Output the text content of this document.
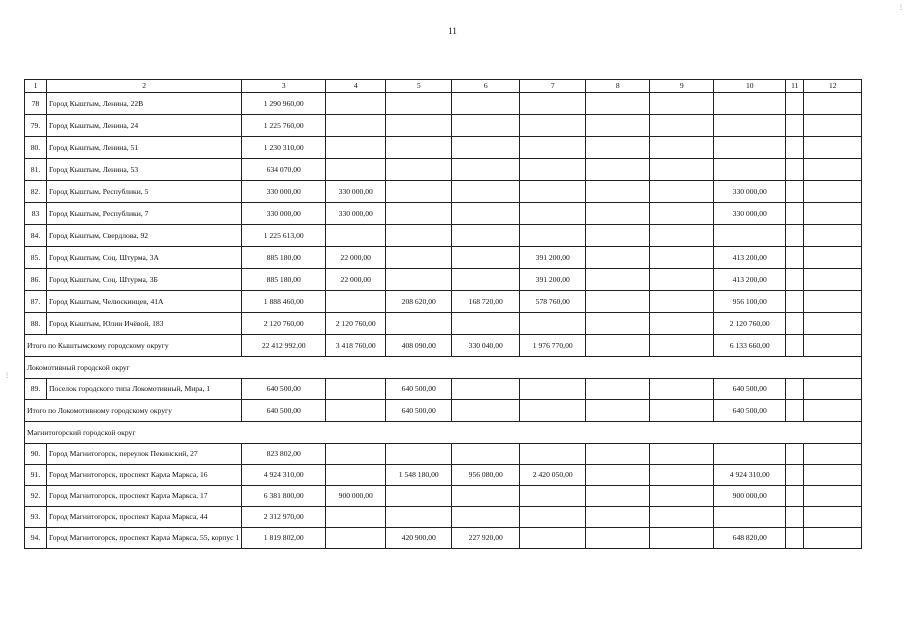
11
1	2	3	4	5	6	7	8	9	10	11	12
78	Город Кыштым, Ленина, 22В	1 290 960,00									
79.	Город Кыштым, Ленина, 24	1 225 760,00									
80.	Город Кыштым, Ленина, 51	1 230 310,00									
81.	Город Кыштым, Ленина, 53	634 070,00									
82.	Город Кыштым, Республики, 5	330 000,00	330 000,00						330 000,00		
83	Город Кыштым, Республики, 7	330 000,00	330 000,00						330 000,00		
84.	Город Кыштым, Свердлова, 92	1 225 613,00									
85.	Город Кыштым, Соц. Штурма, 3А	885 180,00	22 000,00			391 200,00			413 200,00		
86.	Город Кыштым, Соц. Штурма, 3Б	885 180,00	22 000,00			391 200,00			413 200,00		
87.	Город Кыштым, Челюскинцев, 41А	1 888 460,00		208 620,00	168 720,00	578 760,00			956 100,00		
88.	Город Кыштым, Юлии Ичёвой, 183	2 120 760,00	2 120 760,00						2 120 760,00		
Итого по Кыштымскому городскому округу		22 412 992,00	3 418 760,00	408 090,00	330 040,00	1 976 770,00			6 133 660,00		
Локомотивный городской округ											
89.	Поселок городского типа Локомотивный, Мира, 1	640 500,00		640 500,00					640 500,00		
Итого по Локомотивному городскому округу		640 500,00		640 500,00					640 500,00		
Магнитогорский городской округ											
90.	Город Магнитогорск, переулок Пекинский, 27	823 802,00									
91.	Город Магнитогорск, проспект Карла Маркса, 16	4 924 310,00		1 548 180,00	956 080,00	2 420 050,00			4 924 310,00		
92.	Город Магнитогорск, проспект Карла Маркса, 17	6 381 800,00	900 000,00						900 000,00		
93.	Город Магнитогорск, проспект Карла Маркса, 44	2 312 970,00									
94.	Город Магнитогорск, проспект Карла Маркса, 55, корпус 1	1 819 802,00		420 900,00	227 920,00				648 820,00		
⋮
⋮
